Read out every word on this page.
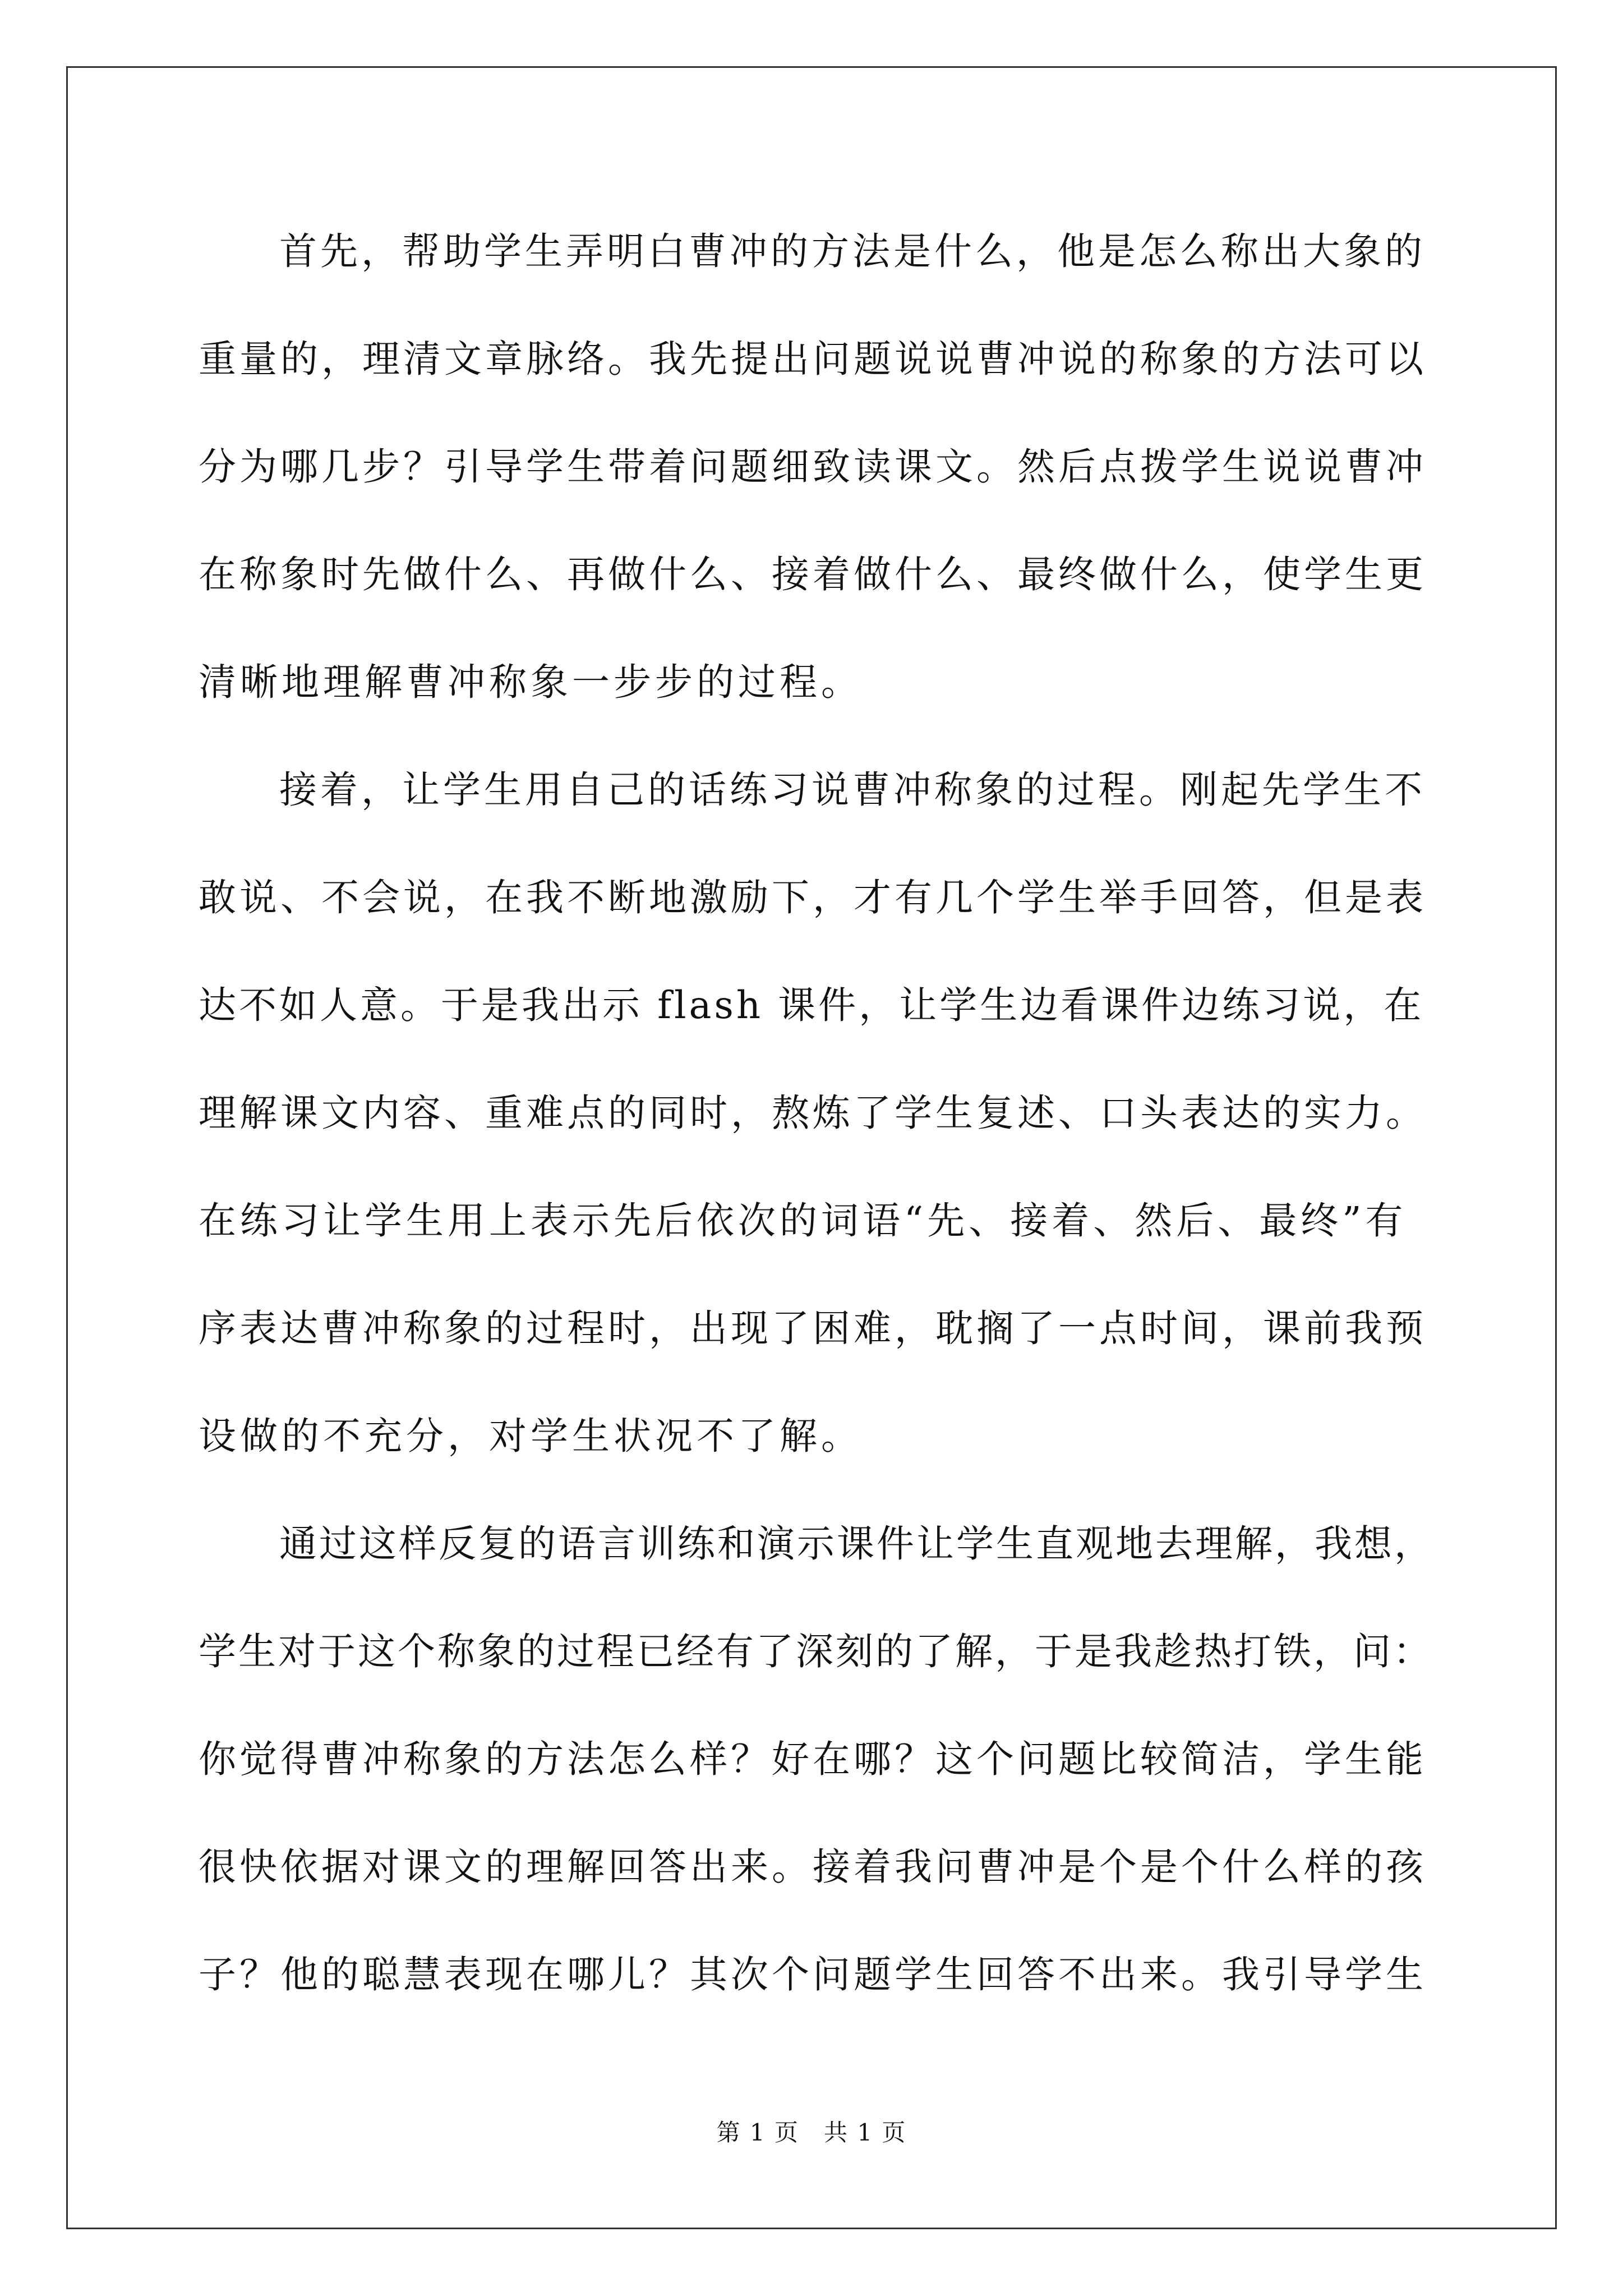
首先，帮助学生弄明白曹冲的方法是什么，他是怎么称出大象的

重量的，理清文章脉络。我先提出问题说说曹冲说的称象的方法可以

分为哪几步？引导学生带着问题细致读课文。然后点拨学生说说曹冲

在称象时先做什么、再做什么、接着做什么、最终做什么，使学生更

清晰地理解曹冲称象一步步的过程。

接着，让学生用自己的话练习说曹冲称象的过程。刚起先学生不

敢说、不会说，在我不断地激励下，才有几个学生举手回答，但是表

达不如人意。于是我出示 flash 课件，让学生边看课件边练习说，在

理解课文内容、重难点的同时，熬炼了学生复述、口头表达的实力。

在练习让学生用上表示先后依次的词语“先、接着、然后、最终”有

序表达曹冲称象的过程时，出现了困难，耽搁了一点时间，课前我预

设做的不充分，对学生状况不了解。

通过这样反复的语言训练和演示课件让学生直观地去理解，我想，

学生对于这个称象的过程已经有了深刻的了解，于是我趁热打铁，问：

你觉得曹冲称象的方法怎么样？好在哪？这个问题比较简洁，学生能

很快依据对课文的理解回答出来。接着我问曹冲是个是个什么样的孩

子？他的聪慧表现在哪儿？其次个问题学生回答不出来。我引导学生

第 1 页　共 1 页
